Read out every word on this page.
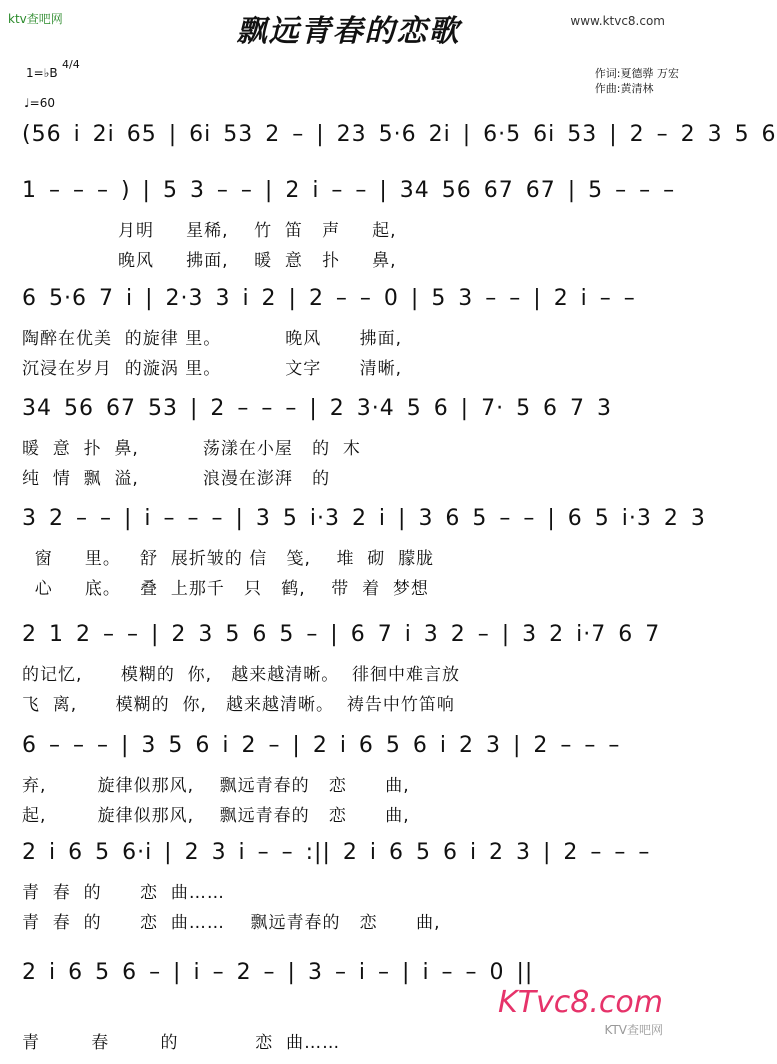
ktv查吧网	www.ktvc8.com
飘远青春的恋歌
1=♭B
4/4
♩=60
作词:夏德骅 万宏
作曲:黄清林
(56 i 2i 65 | 6i 53 2 – | 23 5·6 2i | 6·5 6i 53 | 2 – 2 3 5 6
1 – – – ) | 5 3 – – | 2 i – – | 34 56 67 67 | 5 – – –
月明     星稀,    竹  笛   声     起,
晚风     拂面,    暖  意   扑     鼻,
6 5·6 7 i | 2·3 3 i 2 | 2 – – 0 | 5 3 – – | 2 i – –
陶醉在优美  的旋律 里。          晚风      拂面,
沉浸在岁月  的漩涡 里。          文字      清晰,
34 56 67 53 | 2 – – – | 2 3·4 5 6 | 7· 5 6 7 3
暖  意  扑  鼻,          荡漾在小屋   的  木
纯  情  飘  溢,          浪漫在澎湃   的
3 2 – – | i – – – | 3 5 i·3 2 i | 3 6 5 – – | 6 5 i·3 2 3
窗     里。   舒  展折皱的 信   笺,    堆  砌  朦胧
心     底。   叠  上那千   只   鹤,    带  着  梦想
2 1 2 – – | 2 3 5 6 5 – | 6 7 i 3 2 – | 3 2 i·7 6 7
的记忆,      模糊的  你,   越来越清晰。  徘徊中难言放
飞  离,      模糊的  你,   越来越清晰。  祷告中竹笛响
6 – – – | 3 5 6 i 2 – | 2 i 6 5 6 i 2 3 | 2 – – –
弃,        旋律似那风,    飘远青春的   恋      曲,
起,        旋律似那风,    飘远青春的   恋      曲,
2 i 6 5 6·i | 2 3 i – – :|| 2 i 6 5 6 i 2 3 | 2 – – –
青  春  的      恋  曲……
青  春  的      恋  曲……    飘远青春的   恋      曲,
2 i 6 5 6 – | i – 2 – | 3 – i – | i – – 0 ||
青        春        的            恋  曲……
KTvc8.com
KTV查吧网
